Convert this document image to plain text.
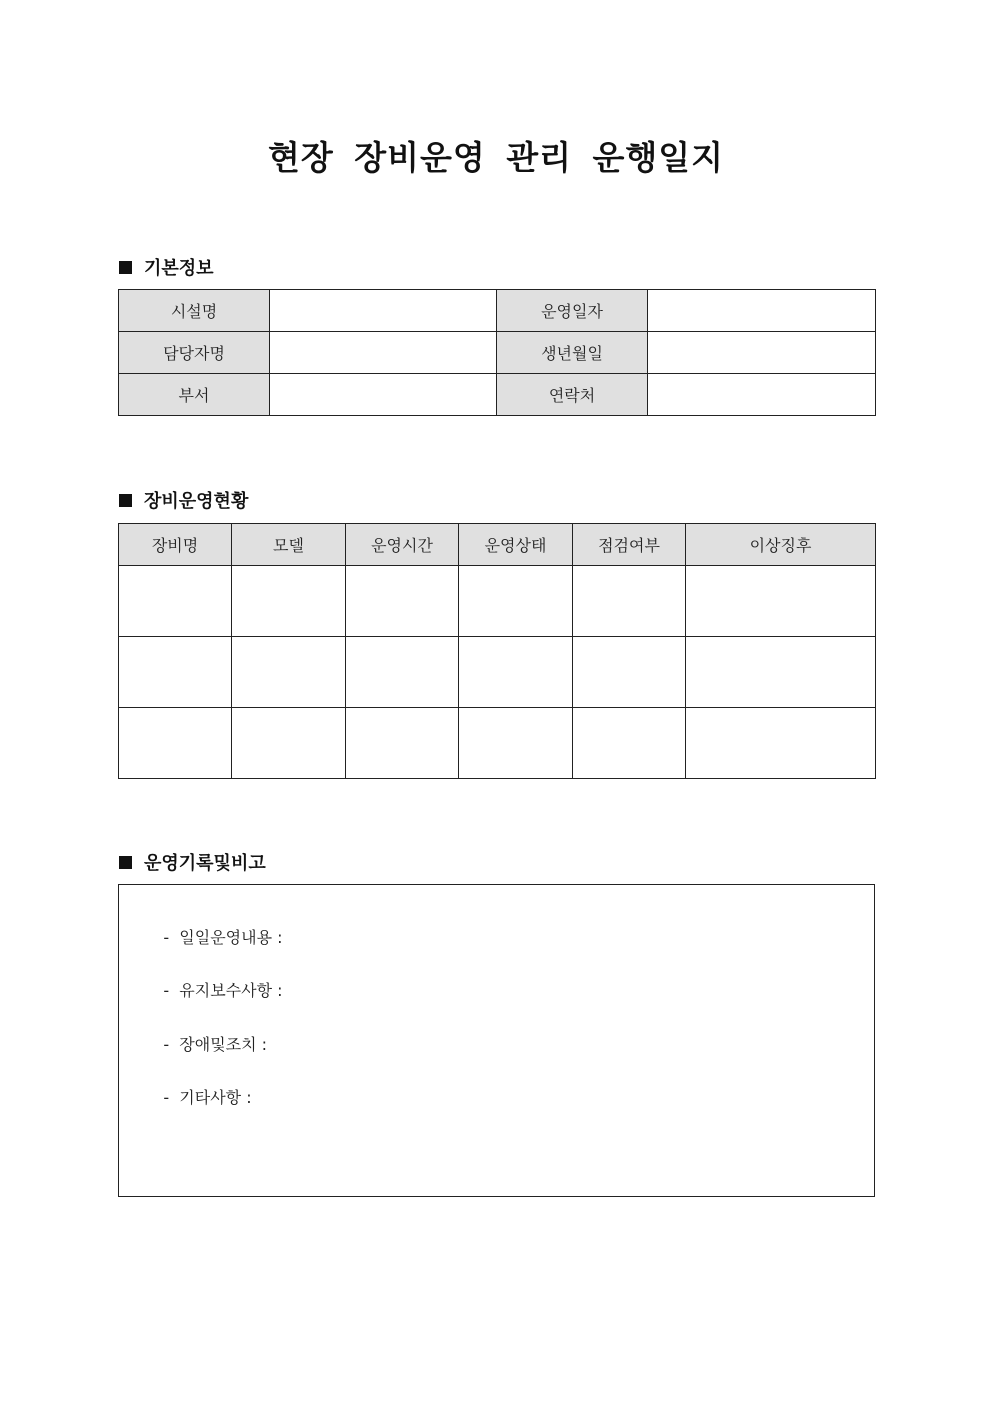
현장 장비운영 관리 운행일지
기본정보
시설명		운영일자	
담당자명		생년월일	
부서		연락처	
장비운영현황
장비명	모델	운영시간	운영상태	점검여부	이상징후

운영기록및비고

-  일일운영내용 :

-  유지보수사항 :

-  장애및조치 :

-  기타사항 :
